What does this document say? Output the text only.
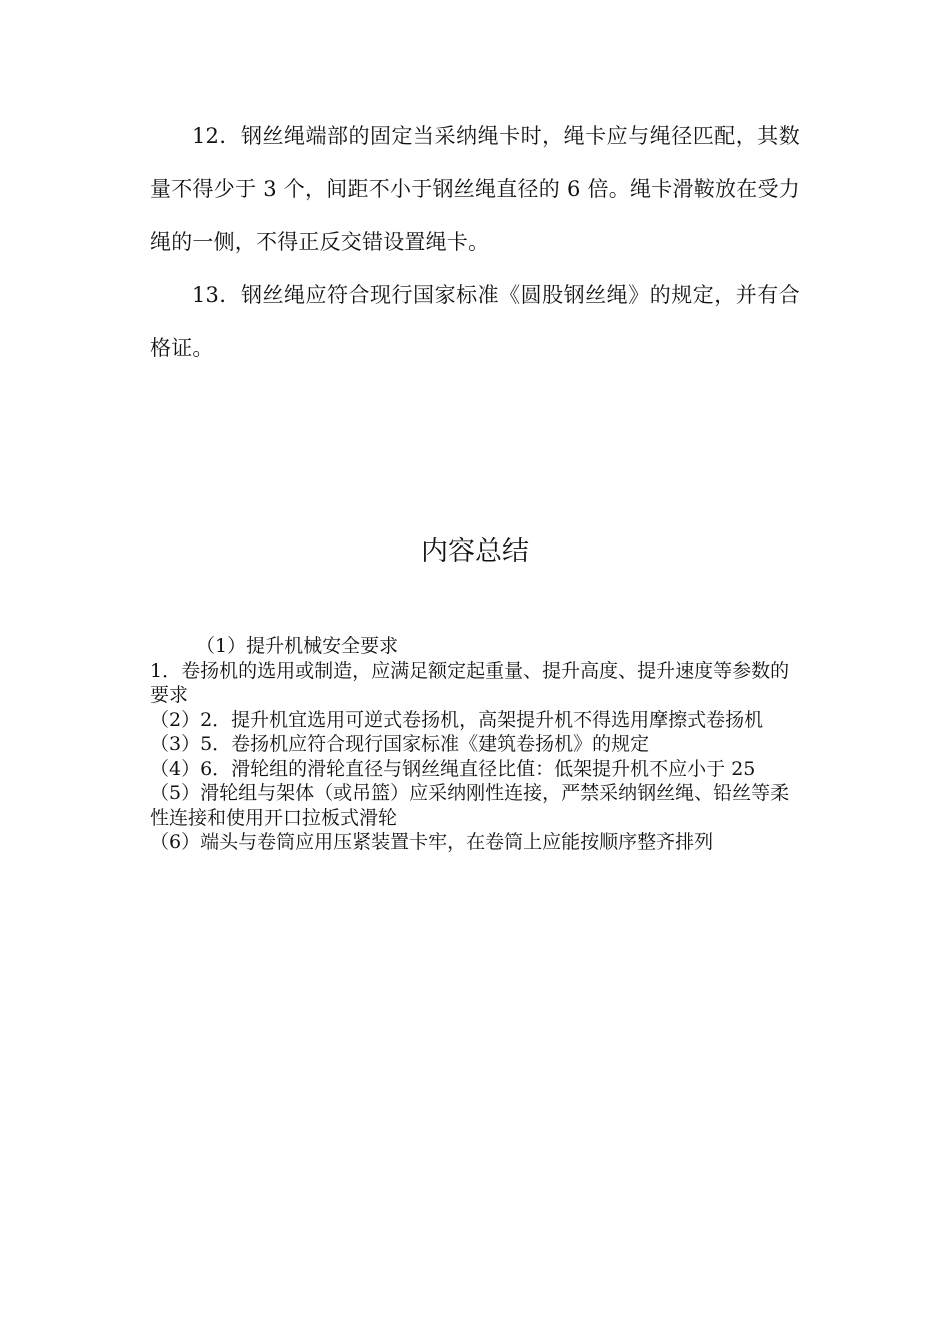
12．钢丝绳端部的固定当采纳绳卡时，绳卡应与绳径匹配，其数量不得少于 3 个，间距不小于钢丝绳直径的 6 倍。绳卡滑鞍放在受力绳的一侧，不得正反交错设置绳卡。

13．钢丝绳应符合现行国家标准《圆股钢丝绳》的规定，并有合格证。

内容总结

（1）提升机械安全要求

1．卷扬机的选用或制造，应满足额定起重量、提升高度、提升速度等参数的要求

（2）2．提升机宜选用可逆式卷扬机，高架提升机不得选用摩擦式卷扬机

（3）5．卷扬机应符合现行国家标准《建筑卷扬机》的规定

（4）6．滑轮组的滑轮直径与钢丝绳直径比值：低架提升机不应小于 25

（5）滑轮组与架体（或吊篮）应采纳刚性连接，严禁采纳钢丝绳、铅丝等柔性连接和使用开口拉板式滑轮

（6）端头与卷筒应用压紧装置卡牢，在卷筒上应能按顺序整齐排列
